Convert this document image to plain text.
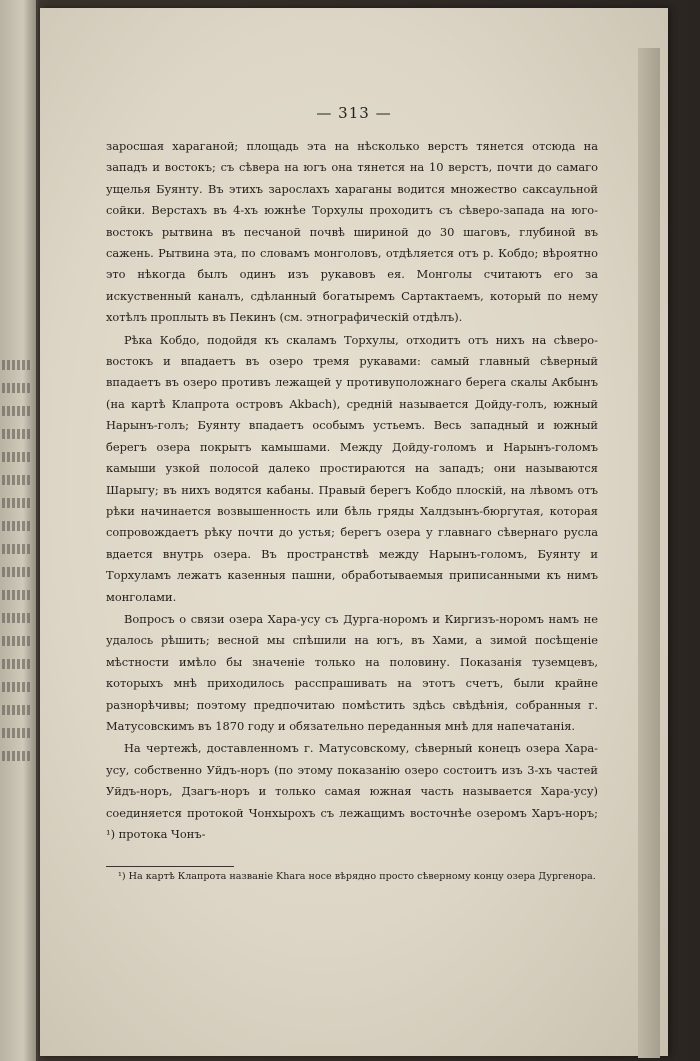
— 313 —

заросшая хараганой; площадь эта на нѣсколько верстъ тянется отсюда на западъ и востокъ; съ сѣвера на югъ она тянется на 10 верстъ, почти до самаго ущелья Буянту. Въ этихъ зарослахъ хараганы водится множество саксаульной сойки. Верстахъ въ 4-хъ южнѣе Торхулы проходитъ съ сѣверо-запада на юго-востокъ рытвина въ песчаной почвѣ шириной до 30 шаговъ, глубиной въ сажень. Рытвина эта, по словамъ монголовъ, отдѣляется отъ р. Кобдо; вѣроятно это нѣкогда былъ одинъ изъ рукавовъ ея. Монголы считаютъ его за искуственный каналъ, сдѣланный богатыремъ Сартактаемъ, который по нему хотѣлъ проплыть въ Пекинъ (см. этнографическій отдѣлъ).

Рѣка Кобдо, подойдя къ скаламъ Торхулы, отходитъ отъ нихъ на сѣверо-востокъ и впадаетъ въ озеро тремя рукавами: самый главный сѣверный впадаетъ въ озеро противъ лежащей у противуположнаго берега скалы Акбынъ (на картѣ Клапрота островъ Akbach), средній называется Дойду-голъ, южный Нарынъ-голъ; Буянту впадаетъ особымъ устьемъ. Весь западный и южный берегъ озера покрытъ камышами. Между Дойду-голомъ и Нарынъ-голомъ камыши узкой полосой далеко простираются на западъ; они называются Шарыгу; въ нихъ водятся кабаны. Правый берегъ Кобдо плоскій, на лѣвомъ отъ рѣки начинается возвышенность или бѣль гряды Халдзынъ-бюргутая, которая сопровождаетъ рѣку почти до устья; берегъ озера у главнаго сѣвернаго русла вдается внутрь озера. Въ пространствѣ между Нарынъ-голомъ, Буянту и Торхуламъ лежатъ казенныя пашни, обработываемыя приписанными къ нимъ монголами.

Вопросъ о связи озера Хара-усу съ Дурга-норомъ и Киргизъ-норомъ намъ не удалось рѣшить; весной мы спѣшили на югъ, въ Хами, а зимой посѣщеніе мѣстности имѣло бы значеніе только на половину. Показанія туземцевъ, которыхъ мнѣ приходилось расспрашивать на этотъ счетъ, были крайне разнорѣчивы; поэтому предпочитаю помѣстить здѣсь свѣдѣнія, собранныя г. Матусовскимъ въ 1870 году и обязательно переданныя мнѣ для напечатанія.

На чертежѣ, доставленномъ г. Матусовскому, сѣверный конецъ озера Хара-усу, собственно Уйдъ-норъ (по этому показанію озеро состоитъ изъ 3-хъ частей Уйдъ-норъ, Дзагъ-норъ и только самая южная часть называется Хара-усу) соединяется протокой Чонхырохъ съ лежащимъ восточнѣе озеромъ Харъ-норъ; ¹) протока Чонъ-

¹) На картѣ Клапрота названіе Khara носе вѣрядно просто сѣверному концу озера Дургенора.
